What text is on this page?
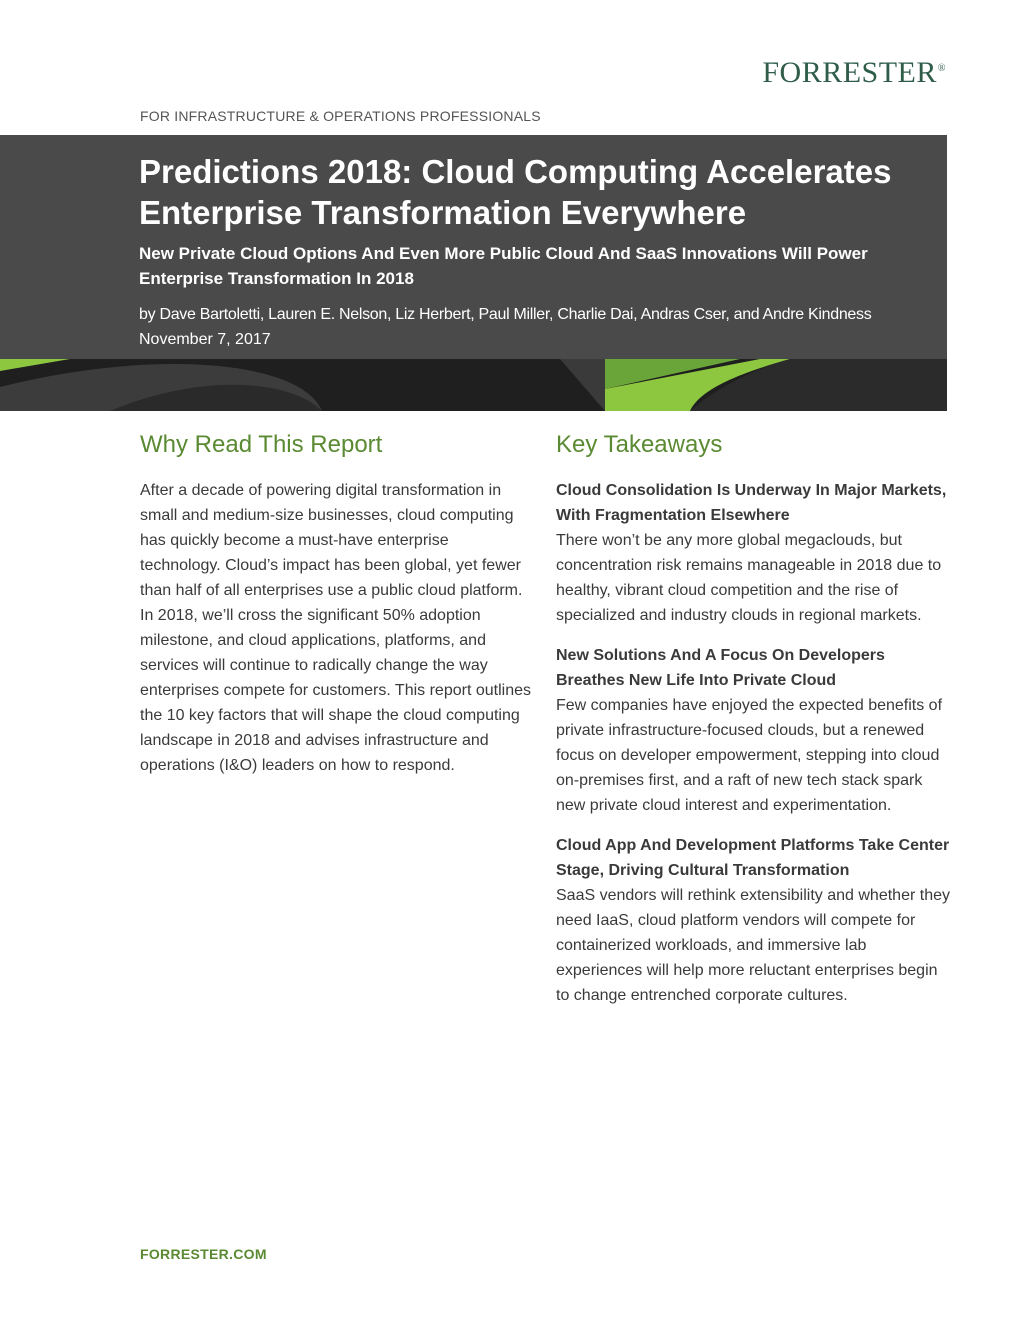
FORRESTER®
FOR INFRASTRUCTURE & OPERATIONS PROFESSIONALS
Predictions 2018: Cloud Computing Accelerates Enterprise Transformation Everywhere

New Private Cloud Options And Even More Public Cloud And SaaS Innovations Will Power Enterprise Transformation In 2018

by Dave Bartoletti, Lauren E. Nelson, Liz Herbert, Paul Miller, Charlie Dai, Andras Cser, and Andre Kindness
November 7, 2017
Why Read This Report

After a decade of powering digital transformation in small and medium-size businesses, cloud computing has quickly become a must-have enterprise technology. Cloud’s impact has been global, yet fewer than half of all enterprises use a public cloud platform. In 2018, we’ll cross the significant 50% adoption milestone, and cloud applications, platforms, and services will continue to radically change the way enterprises compete for customers. This report outlines the 10 key factors that will shape the cloud computing landscape in 2018 and advises infrastructure and operations (I&O) leaders on how to respond.

Key Takeaways

Cloud Consolidation Is Underway In Major Markets, With Fragmentation Elsewhere

There won’t be any more global megaclouds, but concentration risk remains manageable in 2018 due to healthy, vibrant cloud competition and the rise of specialized and industry clouds in regional markets.

New Solutions And A Focus On Developers Breathes New Life Into Private Cloud

Few companies have enjoyed the expected benefits of private infrastructure-focused clouds, but a renewed focus on developer empowerment, stepping into cloud on-premises first, and a raft of new tech stack spark new private cloud interest and experimentation.

Cloud App And Development Platforms Take Center Stage, Driving Cultural Transformation

SaaS vendors will rethink extensibility and whether they need IaaS, cloud platform vendors will compete for containerized workloads, and immersive lab experiences will help more reluctant enterprises begin to change entrenched corporate cultures.

FORRESTER.COM
